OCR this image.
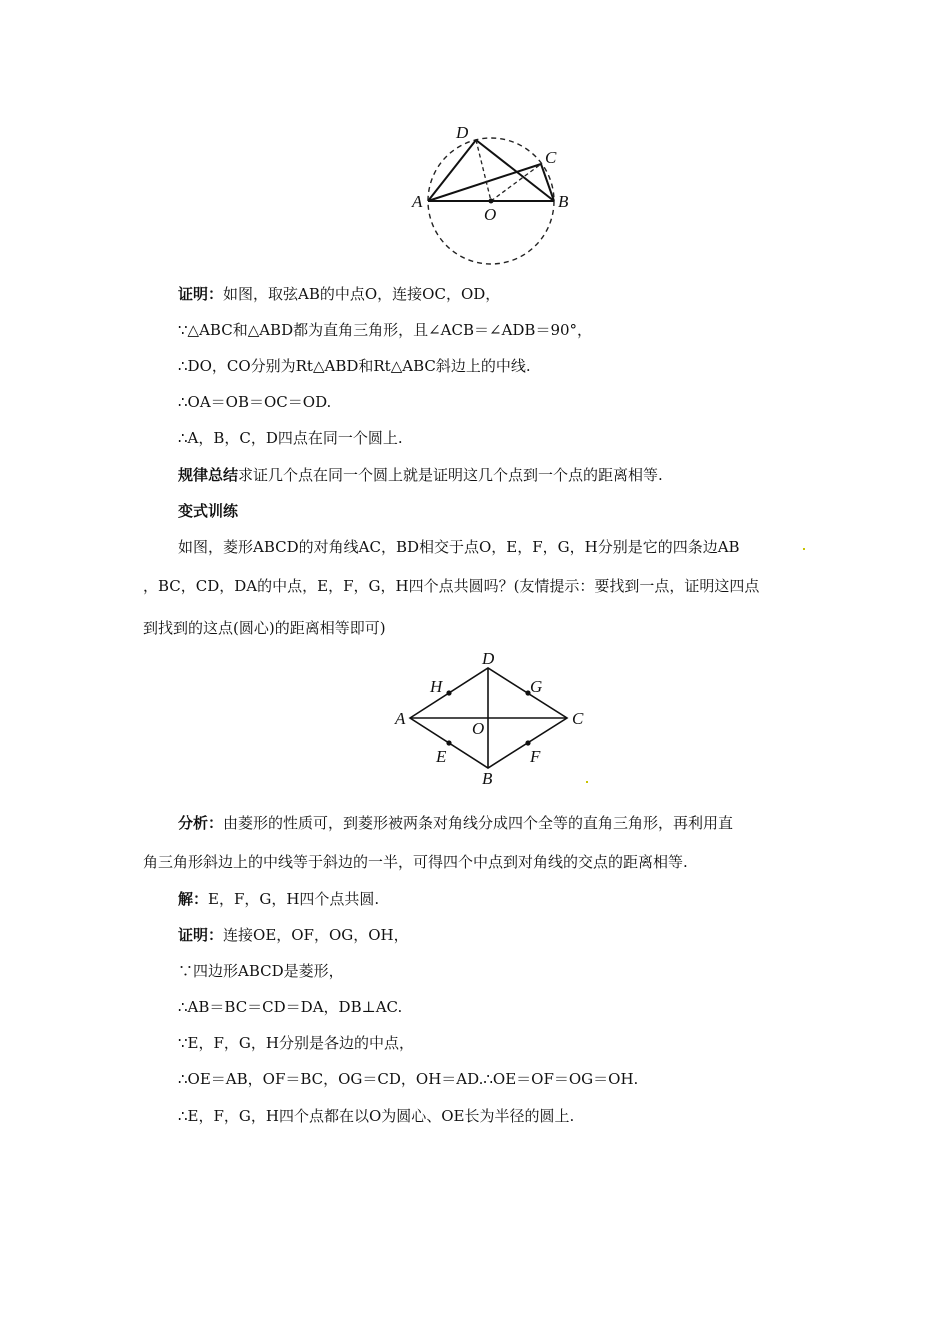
A	B
C
D
O
证明：如图，取弦AB的中点O，连接OC，OD，
∵△ABC和△ABD都为直角三角形，且∠ACB＝∠ADB＝90°，
∴DO，CO分别为Rt△ABD和Rt△ABC斜边上的中线.
∴OA＝OB＝OC＝OD.
∴A，B，C，D四点在同一个圆上.
规律总结求证几个点在同一个圆上就是证明这几个点到一个点的距离相等.
变式训练
如图，菱形ABCD的对角线AC，BD相交于点O，E，F，G，H分别是它的四条边AB
，BC，CD，DA的中点，E，F，G，H四个点共圆吗？(友情提示：要找到一点，证明这四点
到找到的这点(圆心)的距离相等即可)
A	C
D
B
O
H	G
E	F
分析：由菱形的性质可，到菱形被两条对角线分成四个全等的直角三角形，再利用直
角三角形斜边上的中线等于斜边的一半，可得四个中点到对角线的交点的距离相等.
解：E，F，G，H四个点共圆.
证明：连接OE，OF，OG，OH，
∵四边形ABCD是菱形，
∴AB＝BC＝CD＝DA，DB⊥AC.
∵E，F，G，H分别是各边的中点，
∴OE＝AB，OF＝BC，OG＝CD，OH＝AD.∴OE＝OF＝OG＝OH.
∴E，F，G，H四个点都在以O为圆心、OE长为半径的圆上.
